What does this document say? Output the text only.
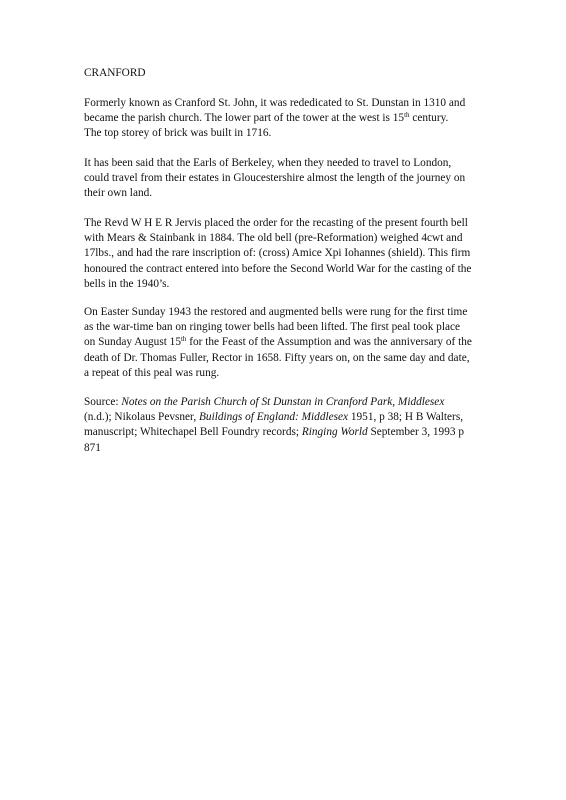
CRANFORD
Formerly known as Cranford St. John, it was rededicated to St. Dunstan in 1310 and
became the parish church. The lower part of the tower at the west is 15th century.
The top storey of brick was built in 1716.
It has been said that the Earls of Berkeley, when they needed to travel to London,
could travel from their estates in Gloucestershire almost the length of the journey on
their own land.
The Revd W H E R Jervis placed the order for the recasting of the present fourth bell
with Mears & Stainbank in 1884. The old bell (pre-Reformation) weighed 4cwt and
17lbs., and had the rare inscription of: (cross) Amice Xpi Iohannes (shield). This firm
honoured the contract entered into before the Second World War for the casting of the
bells in the 1940’s.
On Easter Sunday 1943 the restored and augmented bells were rung for the first time
as the war-time ban on ringing tower bells had been lifted. The first peal took place
on Sunday August 15th for the Feast of the Assumption and was the anniversary of the
death of Dr. Thomas Fuller, Rector in 1658. Fifty years on, on the same day and date,
a repeat of this peal was rung.
Source: Notes on the Parish Church of St Dunstan in Cranford Park, Middlesex
(n.d.); Nikolaus Pevsner, Buildings of England: Middlesex 1951, p 38; H B Walters,
manuscript; Whitechapel Bell Foundry records; Ringing World September 3, 1993 p
871
